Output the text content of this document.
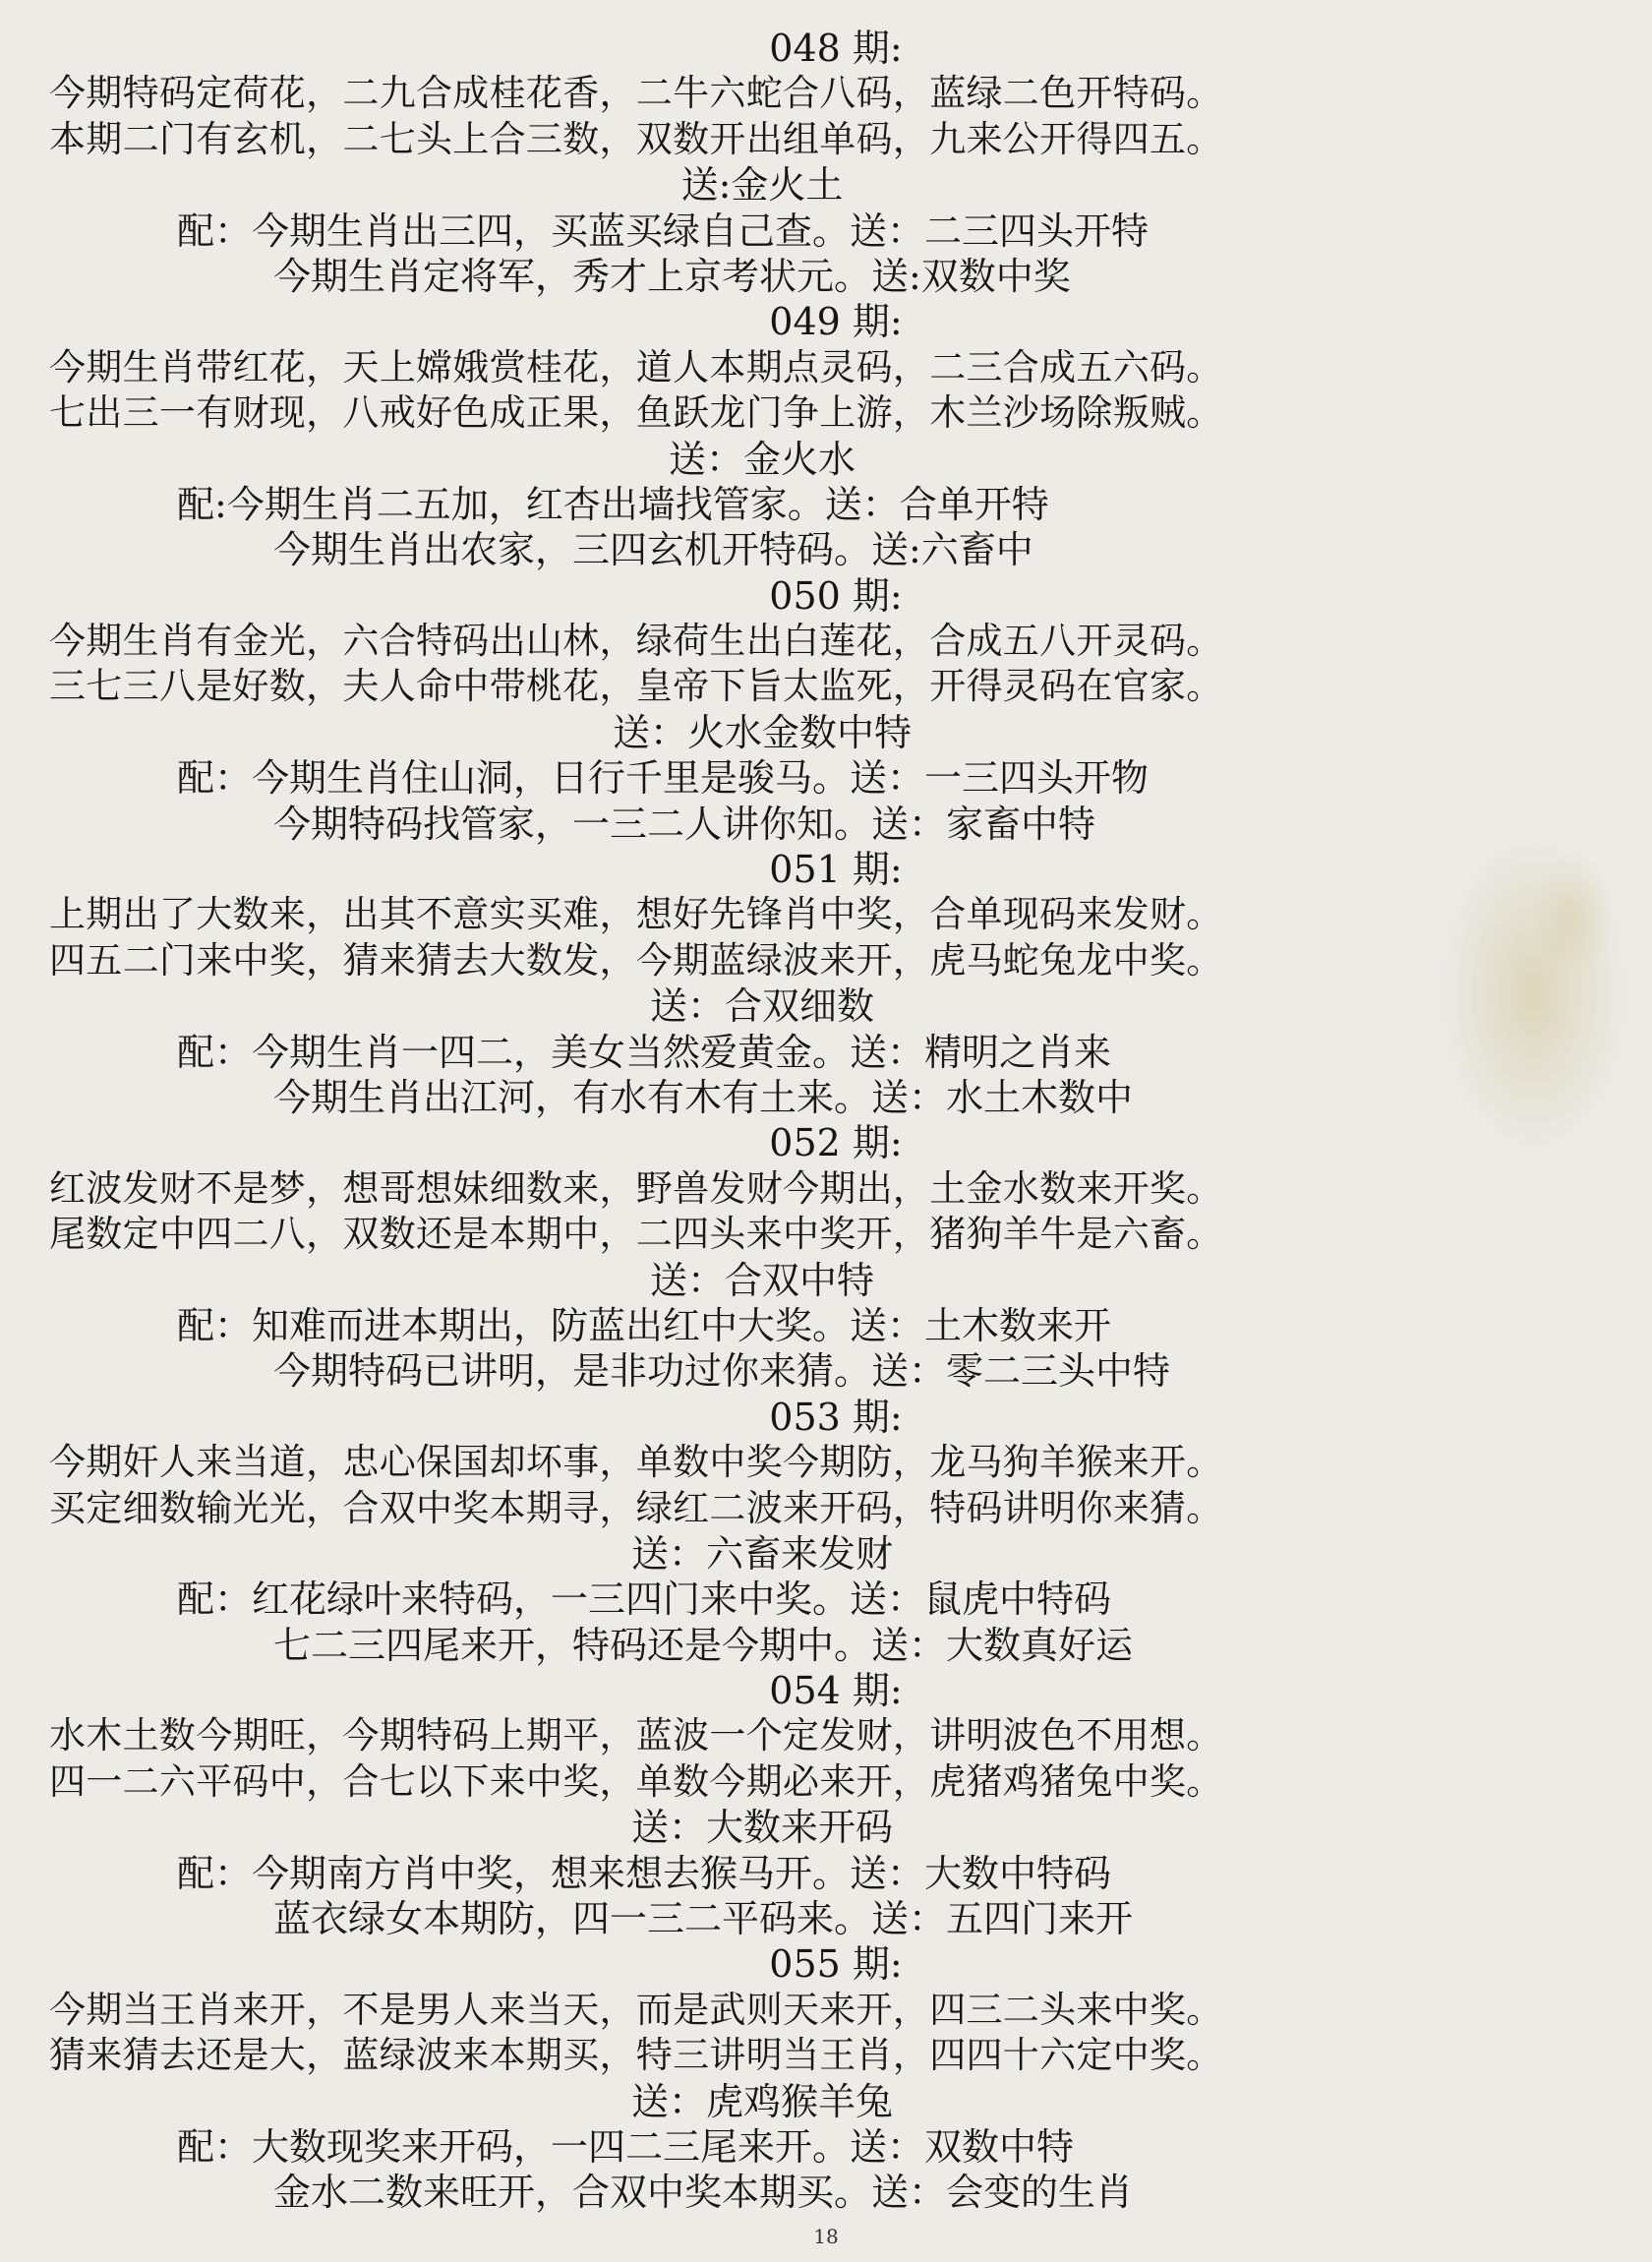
048 期:
今期特码定荷花，二九合成桂花香，二牛六蛇合八码，蓝绿二色开特码。
本期二门有玄机，二七头上合三数，双数开出组单码，九来公开得四五。
送:金火土
配：今期生肖出三四，买蓝买绿自己查。送：二三四头开特
今期生肖定将军，秀才上京考状元。送:双数中奖
049 期:
今期生肖带红花，天上嫦娥赏桂花，道人本期点灵码，二三合成五六码。
七出三一有财现，八戒好色成正果，鱼跃龙门争上游，木兰沙场除叛贼。
送：金火水
配:今期生肖二五加，红杏出墙找管家。送：合单开特
今期生肖出农家，三四玄机开特码。送:六畜中
050 期:
今期生肖有金光，六合特码出山林，绿荷生出白莲花，合成五八开灵码。
三七三八是好数，夫人命中带桃花，皇帝下旨太监死，开得灵码在官家。
送：火水金数中特
配：今期生肖住山洞，日行千里是骏马。送：一三四头开物
今期特码找管家，一三二人讲你知。送：家畜中特
051 期:
上期出了大数来，出其不意实买难，想好先锋肖中奖，合单现码来发财。
四五二门来中奖，猜来猜去大数发，今期蓝绿波来开，虎马蛇兔龙中奖。
送：合双细数
配：今期生肖一四二，美女当然爱黄金。送：精明之肖来
今期生肖出江河，有水有木有土来。送：水土木数中
052 期:
红波发财不是梦，想哥想妹细数来，野兽发财今期出，土金水数来开奖。
尾数定中四二八，双数还是本期中，二四头来中奖开，猪狗羊牛是六畜。
送：合双中特
配：知难而进本期出，防蓝出红中大奖。送：土木数来开
今期特码已讲明，是非功过你来猜。送：零二三头中特
053 期:
今期奸人来当道，忠心保国却坏事，单数中奖今期防，龙马狗羊猴来开。
买定细数输光光，合双中奖本期寻，绿红二波来开码，特码讲明你来猜。
送：六畜来发财
配：红花绿叶来特码，一三四门来中奖。送：鼠虎中特码
七二三四尾来开，特码还是今期中。送：大数真好运
054 期:
水木土数今期旺，今期特码上期平，蓝波一个定发财，讲明波色不用想。
四一二六平码中，合七以下来中奖，单数今期必来开，虎猪鸡猪兔中奖。
送：大数来开码
配：今期南方肖中奖，想来想去猴马开。送：大数中特码
蓝衣绿女本期防，四一三二平码来。送：五四门来开
055 期:
今期当王肖来开，不是男人来当天，而是武则天来开，四三二头来中奖。
猜来猜去还是大，蓝绿波来本期买，特三讲明当王肖，四四十六定中奖。
送：虎鸡猴羊兔
配：大数现奖来开码，一四二三尾来开。送：双数中特
金水二数来旺开，合双中奖本期买。送：会变的生肖
18
